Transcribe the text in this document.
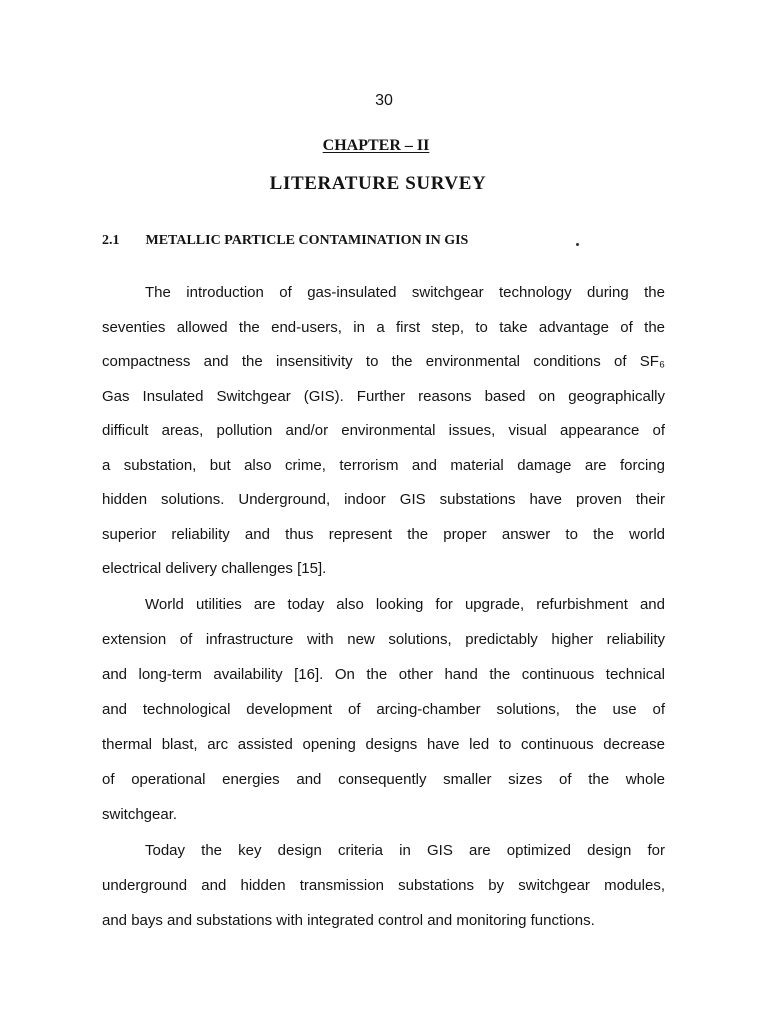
30
CHAPTER – II
LITERATURE SURVEY
2.1 METALLIC PARTICLE CONTAMINATION IN GIS
The introduction of gas-insulated switchgear technology during the
seventies allowed the end-users, in a first step, to take advantage of the
compactness and the insensitivity to the environmental conditions of SF₆
Gas Insulated Switchgear (GIS). Further reasons based on geographically
difficult areas, pollution and/or environmental issues, visual appearance of
a substation, but also crime, terrorism and material damage are forcing
hidden solutions. Underground, indoor GIS substations have proven their
superior reliability and thus represent the proper answer to the world
electrical delivery challenges [15].
World utilities are today also looking for upgrade, refurbishment and
extension of infrastructure with new solutions, predictably higher reliability
and long-term availability [16]. On the other hand the continuous technical
and technological development of arcing-chamber solutions, the use of
thermal blast, arc assisted opening designs have led to continuous decrease
of operational energies and consequently smaller sizes of the whole
switchgear.
Today the key design criteria in GIS are optimized design for
underground and hidden transmission substations by switchgear modules,
and bays and substations with integrated control and monitoring functions.
